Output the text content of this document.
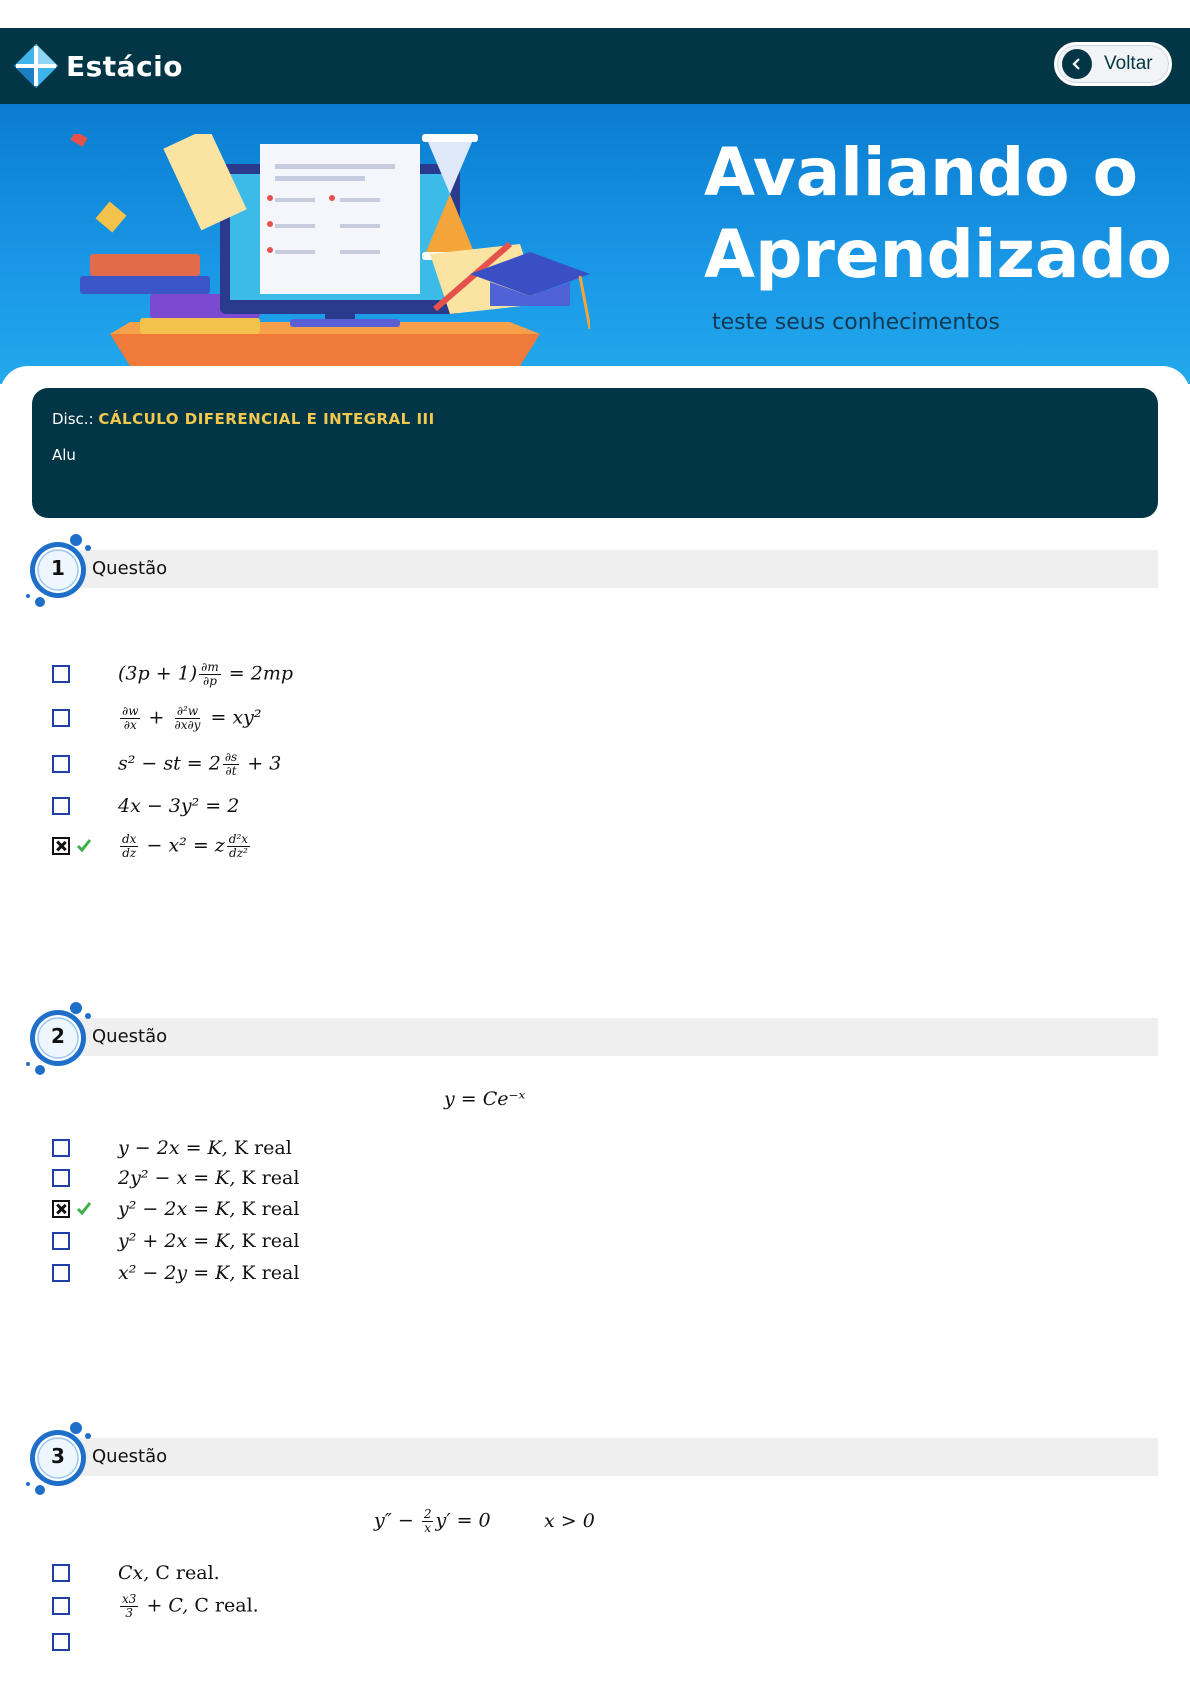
Estácio	Voltar
Avaliando o
Aprendizado
teste seus conhecimentos
Disc.: CÁLCULO DIFERENCIAL E INTEGRAL III
Alu
1 Questão
$(3p + 1) \frac{\partial m}{\partial p} = 2mp$
$\frac{\partial w}{\partial x} + \frac{\text{∂²w}}{\partial x\partial y} = xy^2$
s² − st = $2 \frac{\partial s}{\partial t} + 3$
4x − 3y² = 2
$\frac{dx}{dz} - x^2 = z \frac{\text{d²x}}{\text{dz²}}$
2 Questão
y = Ce⁻ˣ
y − 2x = K, K real
2y² − x = K, K real
y² − 2x = K, K real
y² + 2x = K, K real
x² − 2y = K, K real
3 Questão
$y'' - \frac{2}{x} y' = 0$	x > 0
Cx, C real.
$\frac{x3}{3} + C$, C real.
